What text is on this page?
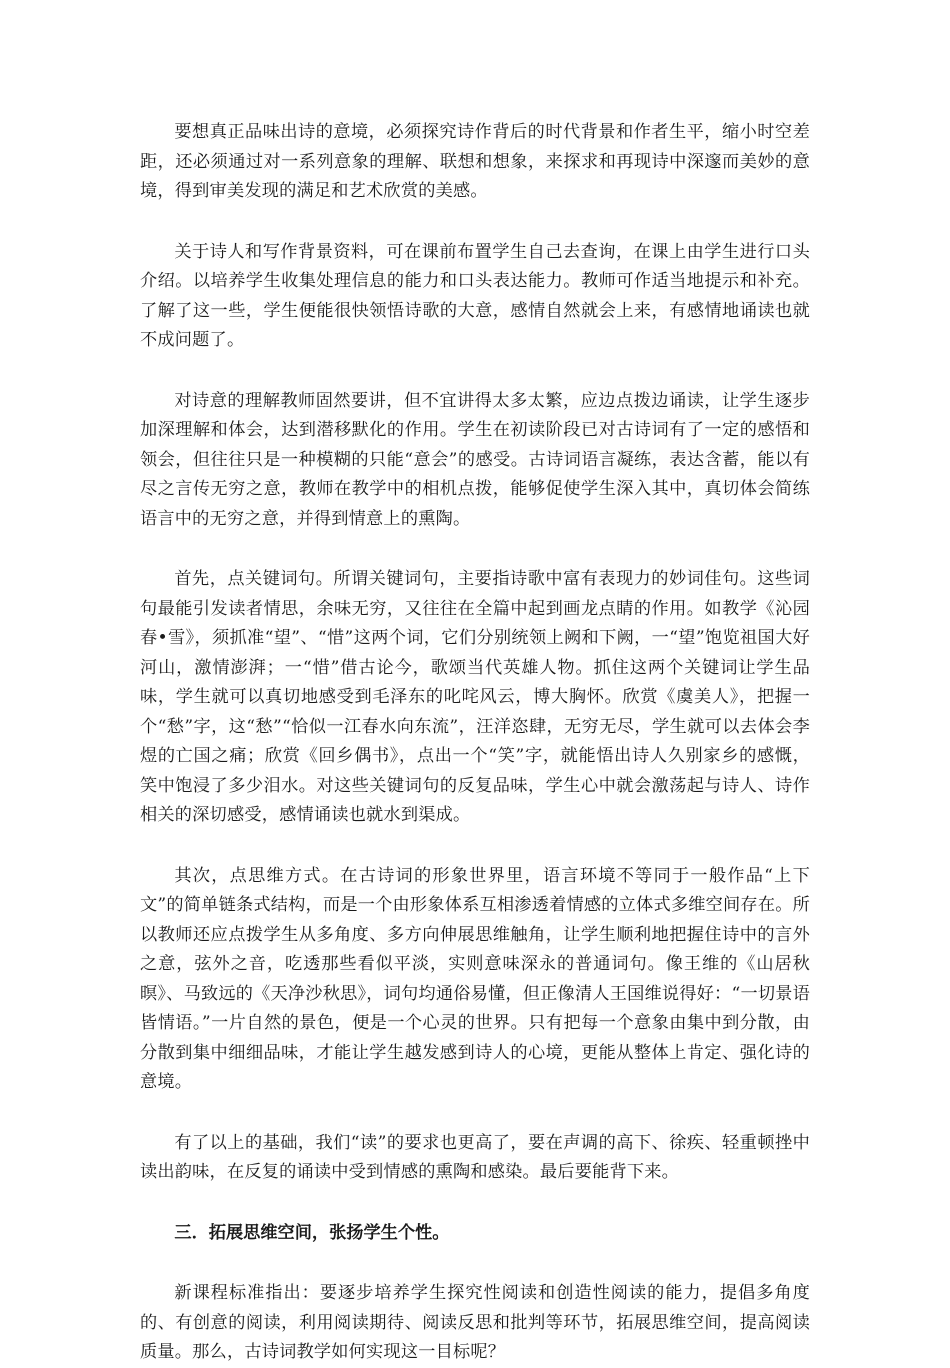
要想真正品味出诗的意境，必须探究诗作背后的时代背景和作者生平，缩小时空差距，还必须通过对一系列意象的理解、联想和想象，来探求和再现诗中深邃而美妙的意境，得到审美发现的满足和艺术欣赏的美感。

关于诗人和写作背景资料，可在课前布置学生自己去查询，在课上由学生进行口头介绍。以培养学生收集处理信息的能力和口头表达能力。教师可作适当地提示和补充。了解了这一些，学生便能很快领悟诗歌的大意，感情自然就会上来，有感情地诵读也就不成问题了。

对诗意的理解教师固然要讲，但不宜讲得太多太繁，应边点拨边诵读，让学生逐步加深理解和体会，达到潜移默化的作用。学生在初读阶段已对古诗词有了一定的感悟和领会，但往往只是一种模糊的只能“意会”的感受。古诗词语言凝练，表达含蓄，能以有尽之言传无穷之意，教师在教学中的相机点拨，能够促使学生深入其中，真切体会简练语言中的无穷之意，并得到情意上的熏陶。

首先，点关键词句。所谓关键词句，主要指诗歌中富有表现力的妙词佳句。这些词句最能引发读者情思，余味无穷，又往往在全篇中起到画龙点睛的作用。如教学《沁园春•雪》，须抓准“望”、“惜”这两个词，它们分别统领上阙和下阙，一“望”饱览祖国大好河山，激情澎湃；一“惜”借古论今，歌颂当代英雄人物。抓住这两个关键词让学生品味，学生就可以真切地感受到毛泽东的叱咤风云，博大胸怀。欣赏《虞美人》，把握一个“愁”字，这“愁”“恰似一江春水向东流”，汪洋恣肆，无穷无尽，学生就可以去体会李煜的亡国之痛；欣赏《回乡偶书》，点出一个“笑”字，就能悟出诗人久别家乡的感慨，笑中饱浸了多少泪水。对这些关键词句的反复品味，学生心中就会激荡起与诗人、诗作相关的深切感受，感情诵读也就水到渠成。

其次，点思维方式。在古诗词的形象世界里，语言环境不等同于一般作品“上下文”的简单链条式结构，而是一个由形象体系互相渗透着情感的立体式多维空间存在。所以教师还应点拨学生从多角度、多方向伸展思维触角，让学生顺利地把握住诗中的言外之意，弦外之音，吃透那些看似平淡，实则意味深永的普通词句。像王维的《山居秋暝》、马致远的《天净沙秋思》，词句均通俗易懂，但正像清人王国维说得好：“一切景语皆情语。”一片自然的景色，便是一个心灵的世界。只有把每一个意象由集中到分散，由分散到集中细细品味，才能让学生越发感到诗人的心境，更能从整体上肯定、强化诗的意境。

有了以上的基础，我们“读”的要求也更高了，要在声调的高下、徐疾、轻重顿挫中读出韵味，在反复的诵读中受到情感的熏陶和感染。最后要能背下来。

三．拓展思维空间，张扬学生个性。

新课程标准指出：要逐步培养学生探究性阅读和创造性阅读的能力，提倡多角度的、有创意的阅读，利用阅读期待、阅读反思和批判等环节，拓展思维空间，提高阅读质量。那么，古诗词教学如何实现这一目标呢？
